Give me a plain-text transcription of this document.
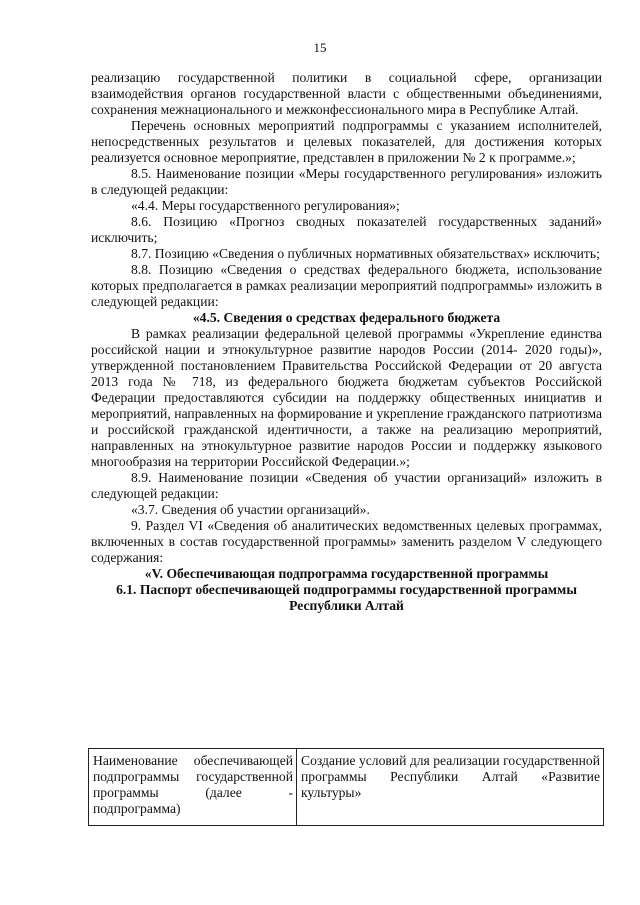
15

реализацию государственной политики в социальной сфере, организации взаимодействия органов государственной власти с общественными объединениями, сохранения межнационального и межконфессионального мира в Республике Алтай.

Перечень основных мероприятий подпрограммы с указанием исполнителей, непосредственных результатов и целевых показателей, для достижения которых реализуется основное мероприятие, представлен в приложении № 2 к программе.»;

8.5. Наименование позиции «Меры государственного регулирования» изложить в следующей редакции:

«4.4. Меры государственного регулирования»;

8.6. Позицию «Прогноз сводных показателей государственных заданий» исключить;

8.7. Позицию «Сведения о публичных нормативных обязательствах» исключить;

8.8. Позицию «Сведения о средствах федерального бюджета, использование которых предполагается в рамках реализации мероприятий подпрограммы» изложить в следующей редакции:

«4.5. Сведения о средствах федерального бюджета

В рамках реализации федеральной целевой программы «Укрепление единства российской нации и этнокультурное развитие народов России (2014- 2020 годы)», утвержденной постановлением Правительства Российской Федерации от 20 августа 2013 года № 718, из федерального бюджета бюджетам субъектов Российской Федерации предоставляются субсидии на поддержку общественных инициатив и мероприятий, направленных на формирование и укрепление гражданского патриотизма и российской гражданской идентичности, а также на реализацию мероприятий, направленных на этнокультурное развитие народов России и поддержку языкового многообразия на территории Российской Федерации.»;

8.9. Наименование позиции «Сведения об участии организаций» изложить в следующей редакции:

«3.7. Сведения об участии организаций».

9. Раздел VI «Сведения об аналитических ведомственных целевых программах, включенных в состав государственной программы» заменить разделом V следующего содержания:

«V. Обеспечивающая подпрограмма государственной программы
6.1. Паспорт обеспечивающей подпрограммы государственной программы Республики Алтай
Наименование обеспечивающей подпрограммы государственной программы (далее - подпрограмма)	Создание условий для реализации государственной программы Республики Алтай «Развитие культуры»
